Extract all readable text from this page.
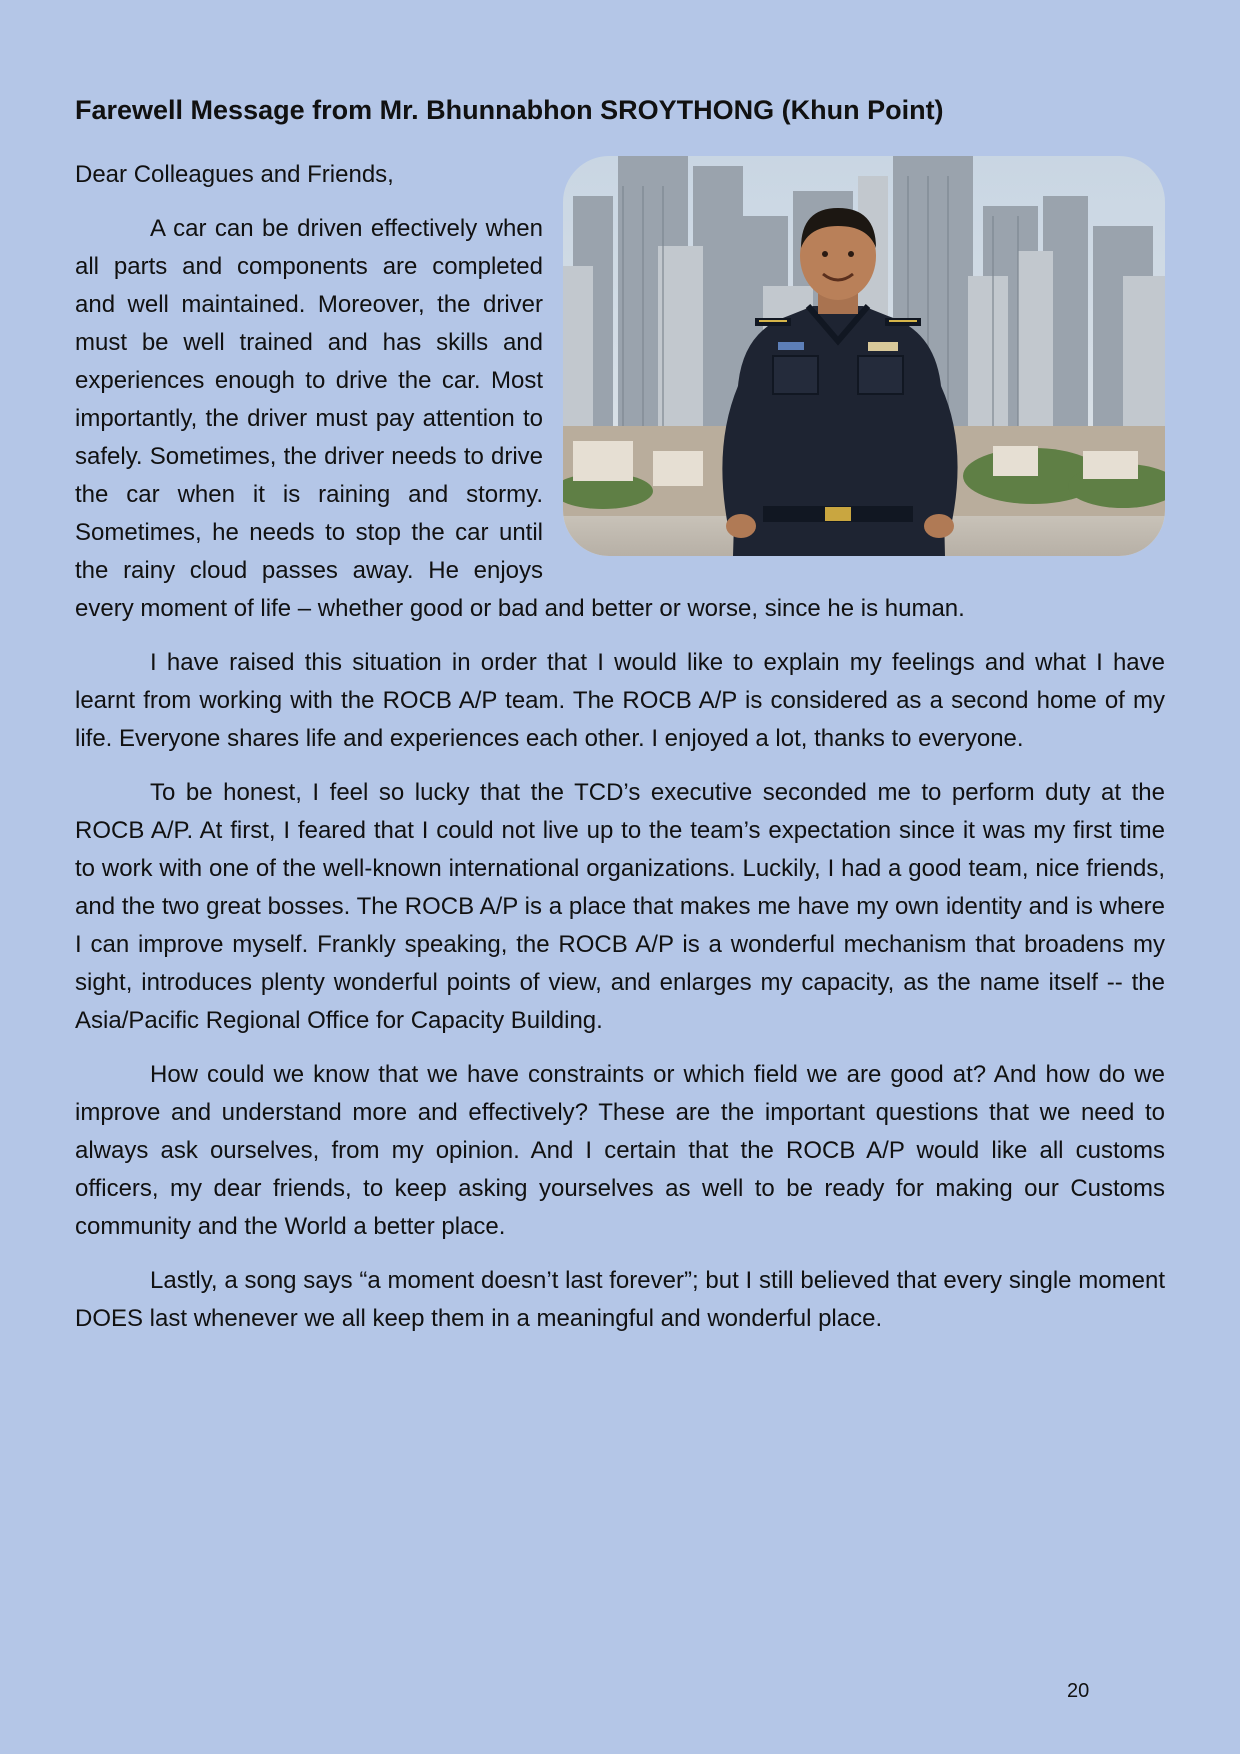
Farewell Message from Mr. Bhunnabhon SROYTHONG (Khun Point)

Dear Colleagues and Friends,

A car can be driven effectively when all parts and components are completed and well maintained. Moreover, the driver must be well trained and has skills and experiences enough to drive the car. Most importantly, the driver must pay attention to safely. Sometimes, the driver needs to drive the car when it is raining and stormy. Sometimes, he needs to stop the car until the rainy cloud passes away. He enjoys every moment of life – whether good or bad and better or worse, since he is human.

I have raised this situation in order that I would like to explain my feelings and what I have learnt from working with the ROCB A/P team. The ROCB A/P is considered as a second home of my life. Everyone shares life and experiences each other. I enjoyed a lot, thanks to everyone.

To be honest, I feel so lucky that the TCD’s executive seconded me to perform duty at the ROCB A/P. At first, I feared that I could not live up to the team’s expectation since it was my first time to work with one of the well-known international organizations. Luckily, I had a good team, nice friends, and the two great bosses. The ROCB A/P is a place that makes me have my own identity and is where I can improve myself. Frankly speaking, the ROCB A/P is a wonderful mechanism that broadens my sight, introduces plenty wonderful points of view, and enlarges my capacity, as the name itself -- the Asia/Pacific Regional Office for Capacity Building.

How could we know that we have constraints or which field we are good at? And how do we improve and understand more and effectively? These are the important questions that we need to always ask ourselves, from my opinion. And I certain that the ROCB A/P would like all customs officers, my dear friends, to keep asking yourselves as well to be ready for making our Customs community and the World a better place.

Lastly, a song says “a moment doesn’t last forever”; but I still believed that every single moment DOES last whenever we all keep them in a meaningful and wonderful place.

20
